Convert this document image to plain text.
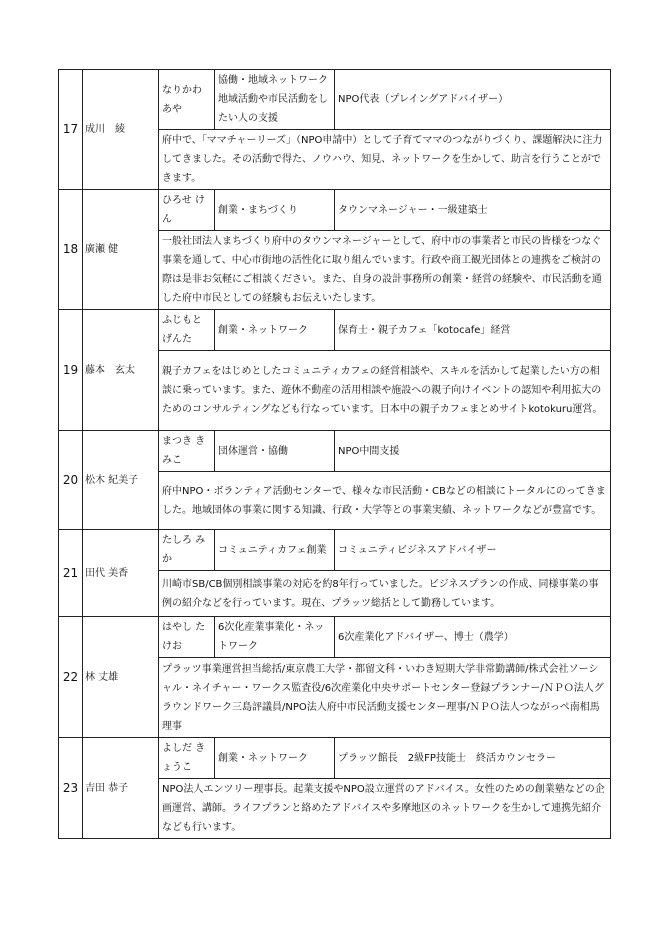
17	成川　綾	なりかわ あや	協働・地域ネットワーク地域活動や市民活動をしたい人の支援	NPO代表（プレイングアドバイザー）
		府中で、「ママチャーリーズ」（NPO申請中）として子育てママのつながりづくり、課題解決に注力してきました。その活動で得た、ノウハウ、知見、ネットワークを生かして、助言を行うことができます。		
18	廣瀬 健	ひろせ けん	創業・まちづくり	タウンマネージャー・一級建築士
		一般社団法人まちづくり府中のタウンマネージャーとして、府中市の事業者と市民の皆様をつなぐ事業を通して、中心市街地の活性化に取り組んでいます。行政や商工観光団体との連携をご検討の際は是非お気軽にご相談ください。また、自身の設計事務所の創業・経営の経験や、市民活動を通した府中市民としての経験もお伝えいたします。		
19	藤本　玄太	ふじもと げんた	創業・ネットワーク	保育士・親子カフェ「kotocafe」経営
		親子カフェをはじめとしたコミュニティカフェの経営相談や、スキルを活かして起業したい方の相談に乗っています。また、遊休不動産の活用相談や施設への親子向けイベントの認知や利用拡大のためのコンサルティングなども行なっています。日本中の親子カフェまとめサイトkotokuru運営。		
20	松木 紀美子	まつき きみこ	団体運営・協働	NPO中間支援
		府中NPO・ボランティア活動センターで、様々な市民活動・CBなどの相談にトータルにのってきました。地域団体の事業に関する知識、行政・大学等との事業実績、ネットワークなどが豊富です。		
21	田代 美香	たしろ みか	コミュニティカフェ創業	コミュニティビジネスアドバイザー
		川崎市SB/CB個別相談事業の対応を約8年行っていました。ビジネスプランの作成、同様事業の事例の紹介などを行っています。現在、プラッツ総括として勤務しています。		
22	林 丈雄	はやし たけお	6次化産業事業化・ネットワーク	6次産業化アドバイザー、博士（農学）
		プラッツ事業運営担当総括/東京農工大学・都留文科・いわき短期大学非常勤講師/株式会社ソーシャル・ネイチャー・ワークス監査役/6次産業化中央サポートセンター登録プランナー/ＮＰＯ法人グラウンドワーク三島評議員/NPO法人府中市民活動支援センター理事/ＮＰＯ法人つながっぺ南相馬理事		
23	吉田 恭子	よしだ きょうこ	創業・ネットワーク	プラッツ館長　2級FP技能士　終活カウンセラー
		NPO法人エンツリー理事長。起業支援やNPO設立運営のアドバイス。女性のための創業塾などの企画運営、講師。ライフプランと絡めたアドバイスや多摩地区のネットワークを生かして連携先紹介なども行います。		
